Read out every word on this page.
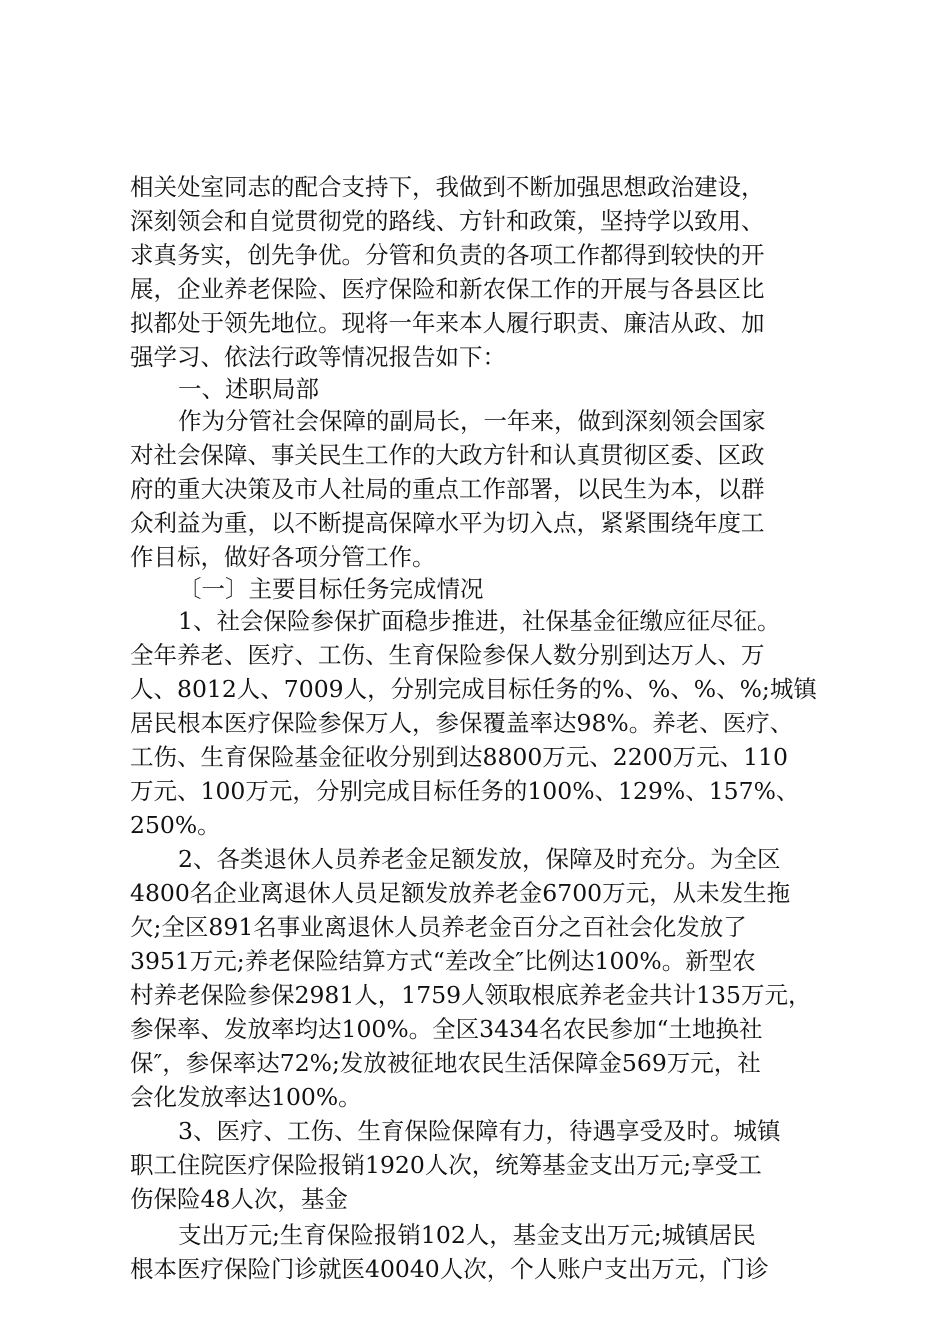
相关处室同志的配合支持下，我做到不断加强思想政治建设，
深刻领会和自觉贯彻党的路线、方针和政策，坚持学以致用、
求真务实，创先争优。分管和负责的各项工作都得到较快的开
展，企业养老保险、医疗保险和新农保工作的开展与各县区比
拟都处于领先地位。现将一年来本人履行职责、廉洁从政、加
强学习、依法行政等情况报告如下：
一、述职局部
作为分管社会保障的副局长，一年来，做到深刻领会国家
对社会保障、事关民生工作的大政方针和认真贯彻区委、区政
府的重大决策及市人社局的重点工作部署，以民生为本，以群
众利益为重，以不断提高保障水平为切入点，紧紧围绕年度工
作目标，做好各项分管工作。
〔一〕主要目标任务完成情况
1、社会保险参保扩面稳步推进，社保基金征缴应征尽征。
全年养老、医疗、工伤、生育保险参保人数分别到达万人、万
人、8012人、7009人，分别完成目标任务的%、%、%、%;城镇
居民根本医疗保险参保万人，参保覆盖率达98%。养老、医疗、
工伤、生育保险基金征收分别到达8800万元、2200万元、110
万元、100万元，分别完成目标任务的100%、129%、157%、
250%。
2、各类退休人员养老金足额发放，保障及时充分。为全区
4800名企业离退休人员足额发放养老金6700万元，从未发生拖
欠;全区891名事业离退休人员养老金百分之百社会化发放了
3951万元;养老保险结算方式“差改全″比例达100%。新型农
村养老保险参保2981人，1759人领取根底养老金共计135万元，
参保率、发放率均达100%。全区3434名农民参加“土地换社
保″，参保率达72%;发放被征地农民生活保障金569万元，社
会化发放率达100%。
3、医疗、工伤、生育保险保障有力，待遇享受及时。城镇
职工住院医疗保险报销1920人次，统筹基金支出万元;享受工
伤保险48人次，基金
支出万元;生育保险报销102人，基金支出万元;城镇居民
根本医疗保险门诊就医40040人次，个人账户支出万元，门诊
